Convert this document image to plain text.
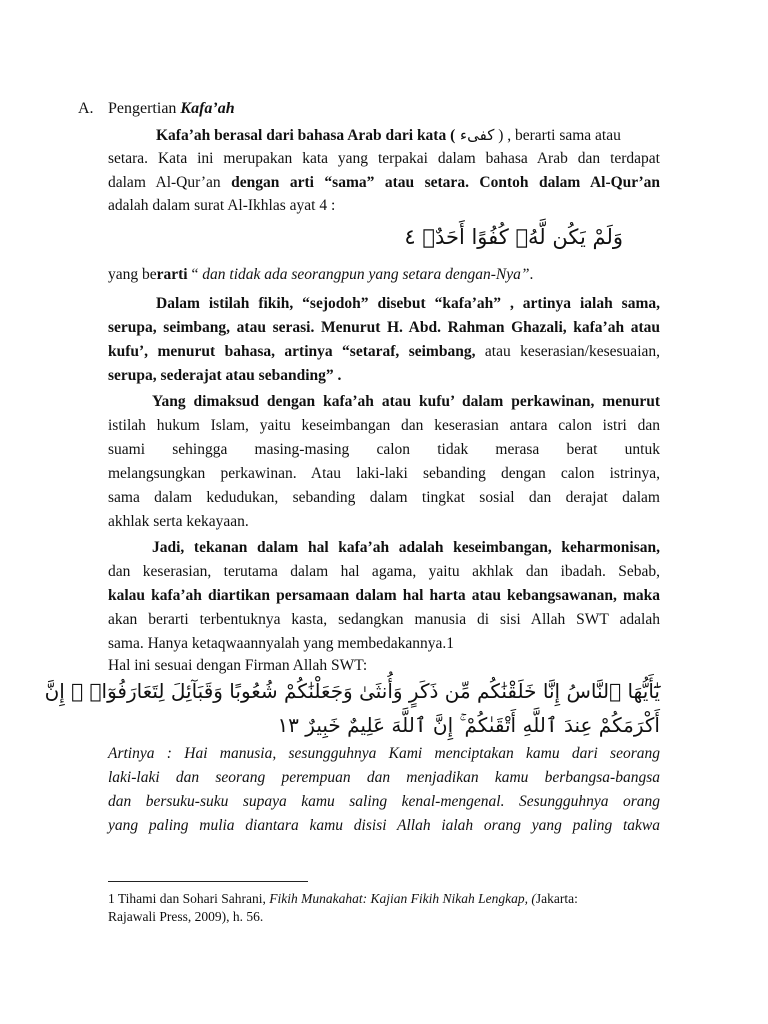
A. Pengertian Kafa’ah
Kafa’ah berasal dari bahasa Arab dari kata ( كفىء ) , berarti sama atau
setara. Kata ini merupakan kata yang terpakai dalam bahasa Arab dan terdapat
dalam Al-Qur’an dengan arti “sama” atau setara. Contoh dalam Al-Qur’an
adalah dalam surat Al-Ikhlas ayat 4 :
وَلَمْ يَكُن لَّهُۥ كُفُوًا أَحَدٌۢ ٤
yang berarti “ dan tidak ada seorangpun yang setara dengan-Nya”.
Dalam istilah fikih, “sejodoh” disebut “kafa’ah” , artinya ialah sama,
serupa, seimbang, atau serasi. Menurut H. Abd. Rahman Ghazali, kafa’ah atau
kufu’, menurut bahasa, artinya “setaraf, seimbang, atau keserasian/kesesuaian,
serupa, sederajat atau sebanding” .
Yang dimaksud dengan kafa’ah atau kufu’ dalam perkawinan, menurut
istilah hukum Islam, yaitu keseimbangan dan keserasian antara calon istri dan
suami sehingga masing-masing calon tidak merasa berat untuk
melangsungkan perkawinan. Atau laki-laki sebanding dengan calon istrinya,
sama dalam kedudukan, sebanding dalam tingkat sosial dan derajat dalam
akhlak serta kekayaan.
Jadi, tekanan dalam hal kafa’ah adalah keseimbangan, keharmonisan,
dan keserasian, terutama dalam hal agama, yaitu akhlak dan ibadah. Sebab,
kalau kafa’ah diartikan persamaan dalam hal harta atau kebangsawanan, maka
akan berarti terbentuknya kasta, sedangkan manusia di sisi Allah SWT adalah
sama. Hanya ketaqwaannyalah yang membedakannya.1
Hal ini sesuai dengan Firman Allah SWT:
يَٰٓأَيُّهَا ٱلنَّاسُ إِنَّا خَلَقْنَٰكُم مِّن ذَكَرٍ وَأُنثَىٰ وَجَعَلْنَٰكُمْ شُعُوبًا وَقَبَآئِلَ لِتَعَارَفُوٓا۟ ۚ إِنَّ
أَكْرَمَكُمْ عِندَ ٱللَّهِ أَتْقَىٰكُمْ ۚ إِنَّ ٱللَّهَ عَلِيمٌ خَبِيرٌ ١٣
Artinya : Hai manusia, sesungguhnya Kami menciptakan kamu dari seorang
laki-laki dan seorang perempuan dan menjadikan kamu berbangsa-bangsa
dan bersuku-suku supaya kamu saling kenal-mengenal. Sesungguhnya orang
yang paling mulia diantara kamu disisi Allah ialah orang yang paling takwa
1 Tihami dan Sohari Sahrani, Fikih Munakahat: Kajian Fikih Nikah Lengkap, (Jakarta:
Rajawali Press, 2009), h. 56.
